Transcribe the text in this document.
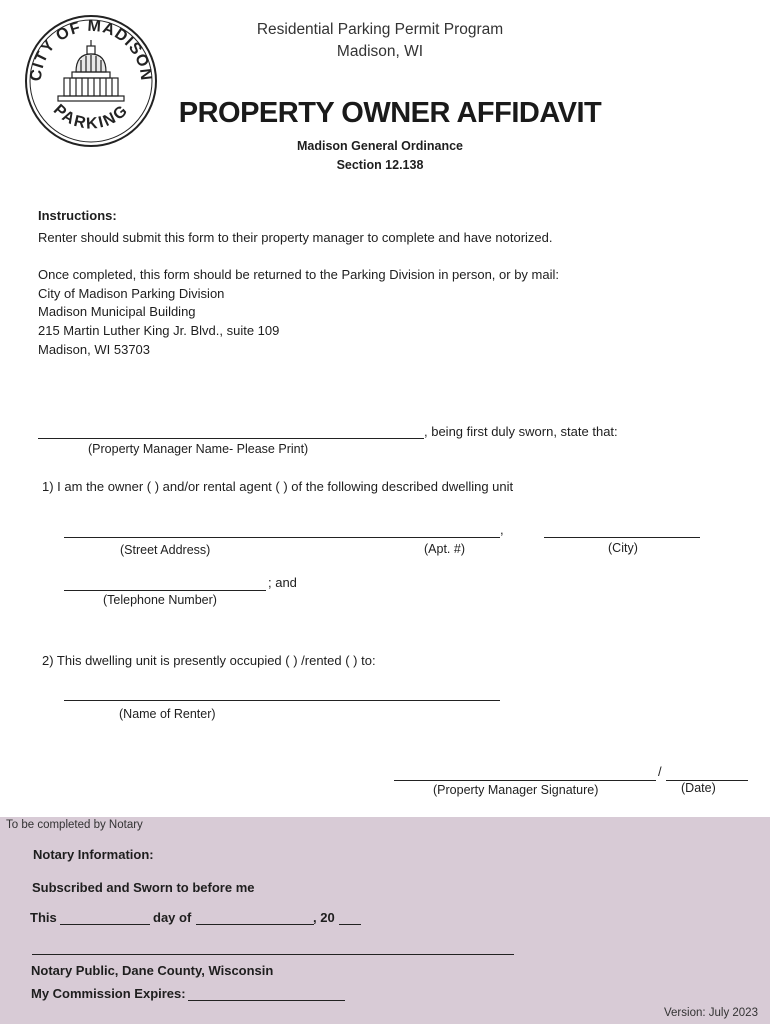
CITY OF MADISON
PARKING
Residential Parking Permit Program
Madison, WI
PROPERTY OWNER AFFIDAVIT
Madison General Ordinance
Section 12.138
Instructions:
Renter should submit this form to their property manager to complete and have notorized.
Once completed, this form should be returned to the Parking Division in person, or by mail:
City of Madison Parking Division
Madison Municipal Building
215 Martin Luther King Jr. Blvd., suite 109
Madison, WI 53703
, being first duly sworn, state that:
(Property Manager Name- Please Print)
1) I am the owner ( ) and/or rental agent ( ) of the following described dwelling unit
,
(Street Address)	(Apt. #)	(City)
; and
(Telephone Number)
2) This dwelling unit is presently occupied ( ) /rented ( ) to:
(Name of Renter)
/
(Property Manager Signature)	(Date)
To be completed by Notary
Notary Information:
Subscribed and Sworn to before me
This	day of	, 20
Notary Public, Dane County, Wisconsin
My Commission Expires:
Version: July 2023
